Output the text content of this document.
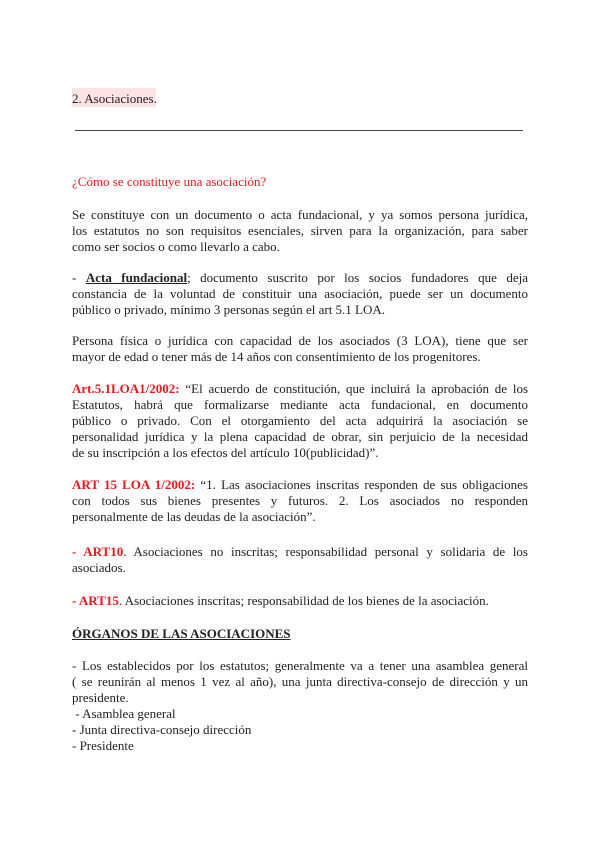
2. Asociaciones.
¿Cómo se constituye una asociación?
Se constituye con un documento o acta fundacional, y ya somos persona jurídica,
los estatutos no son requisitos esenciales, sirven para la organización, para saber
como ser socios o como llevarlo a cabo.
- Acta fundacional; documento suscrito por los socios fundadores que deja
constancia de la voluntad de constituir una asociación, puede ser un documento
público o privado, mínimo 3 personas según el art 5.1 LOA.
Persona física o jurídica con capacidad de los asociados (3 LOA), tiene que ser
mayor de edad o tener más de 14 años con consentimiento de los progenitores.
Art.5.1LOA1/2002: “El acuerdo de constitución, que incluirá la aprobación de los
Estatutos, habrá que formalizarse mediante acta fundacional, en documento
público o privado. Con el otorgamiento del acta adquirirá la asociación se
personalidad jurídica y la plena capacidad de obrar, sin perjuicio de la necesidad
de su inscripción a los efectos del artículo 10(publicidad)”.
ART 15 LOA 1/2002: “1. Las asociaciones inscritas responden de sus obligaciones
con todos sus bienes presentes y futuros. 2. Los asociados no responden
personalmente de las deudas de la asociación”.
- ART10. Asociaciones no inscritas; responsabilidad personal y solidaria de los
asociados.
- ART15. Asociaciones inscritas; responsabilidad de los bienes de la asociación.
ÓRGANOS DE LAS ASOCIACIONES
- Los establecidos por los estatutos; generalmente va a tener una asamblea general
( se reunirán al menos 1 vez al año), una junta directiva-consejo de dirección y un
presidente.
- Asamblea general
- Junta directiva-consejo dirección
- Presidente
